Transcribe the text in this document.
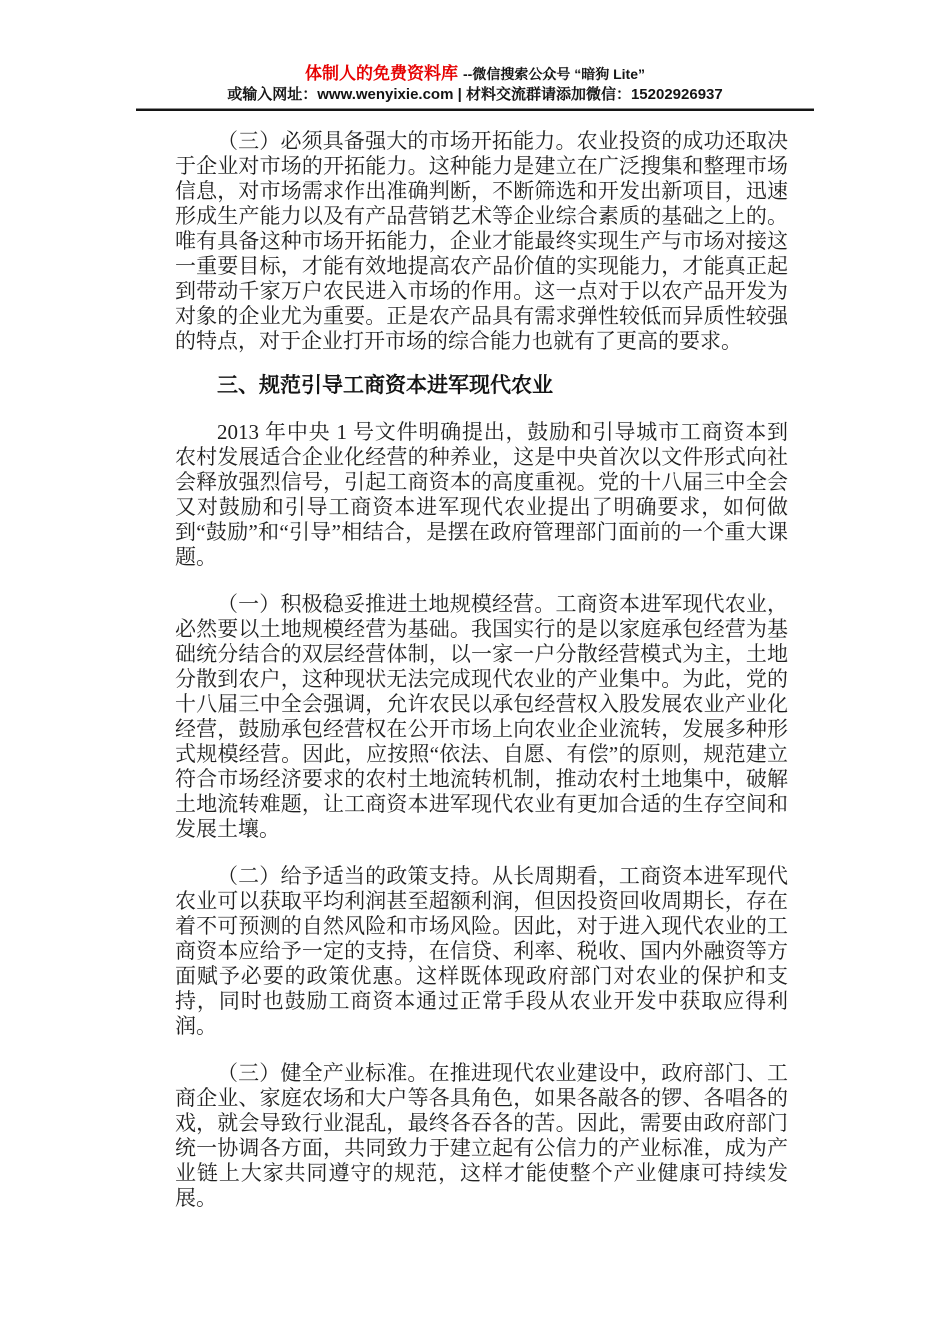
体制人的免费资料库 --微信搜索公众号 “暗狗 Lite”
或输入网址：www.wenyixie.com | 材料交流群请添加微信：15202926937

（三）必须具备强大的市场开拓能力。农业投资的成功还取决于企业对市场的开拓能力。这种能力是建立在广泛搜集和整理市场信息，对市场需求作出准确判断，不断筛选和开发出新项目，迅速形成生产能力以及有产品营销艺术等企业综合素质的基础之上的。唯有具备这种市场开拓能力，企业才能最终实现生产与市场对接这一重要目标，才能有效地提高农产品价值的实现能力，才能真正起到带动千家万户农民进入市场的作用。这一点对于以农产品开发为对象的企业尤为重要。正是农产品具有需求弹性较低而异质性较强的特点，对于企业打开市场的综合能力也就有了更高的要求。

三、规范引导工商资本进军现代农业

2013 年中央 1 号文件明确提出，鼓励和引导城市工商资本到农村发展适合企业化经营的种养业，这是中央首次以文件形式向社会释放强烈信号，引起工商资本的高度重视。党的十八届三中全会又对鼓励和引导工商资本进军现代农业提出了明确要求，如何做到“鼓励”和“引导”相结合，是摆在政府管理部门面前的一个重大课题。

（一）积极稳妥推进土地规模经营。工商资本进军现代农业，必然要以土地规模经营为基础。我国实行的是以家庭承包经营为基础统分结合的双层经营体制，以一家一户分散经营模式为主，土地分散到农户，这种现状无法完成现代农业的产业集中。为此，党的十八届三中全会强调，允许农民以承包经营权入股发展农业产业化经营，鼓励承包经营权在公开市场上向农业企业流转，发展多种形式规模经营。因此，应按照“依法、自愿、有偿”的原则，规范建立符合市场经济要求的农村土地流转机制，推动农村土地集中，破解土地流转难题，让工商资本进军现代农业有更加合适的生存空间和发展土壤。

（二）给予适当的政策支持。从长周期看，工商资本进军现代农业可以获取平均利润甚至超额利润，但因投资回收周期长，存在着不可预测的自然风险和市场风险。因此，对于进入现代农业的工商资本应给予一定的支持，在信贷、利率、税收、国内外融资等方面赋予必要的政策优惠。这样既体现政府部门对农业的保护和支持，同时也鼓励工商资本通过正常手段从农业开发中获取应得利润。

（三）健全产业标准。在推进现代农业建设中，政府部门、工商企业、家庭农场和大户等各具角色，如果各敲各的锣、各唱各的戏，就会导致行业混乱，最终各吞各的苦。因此，需要由政府部门统一协调各方面，共同致力于建立起有公信力的产业标准，成为产业链上大家共同遵守的规范，这样才能使整个产业健康可持续发展。
